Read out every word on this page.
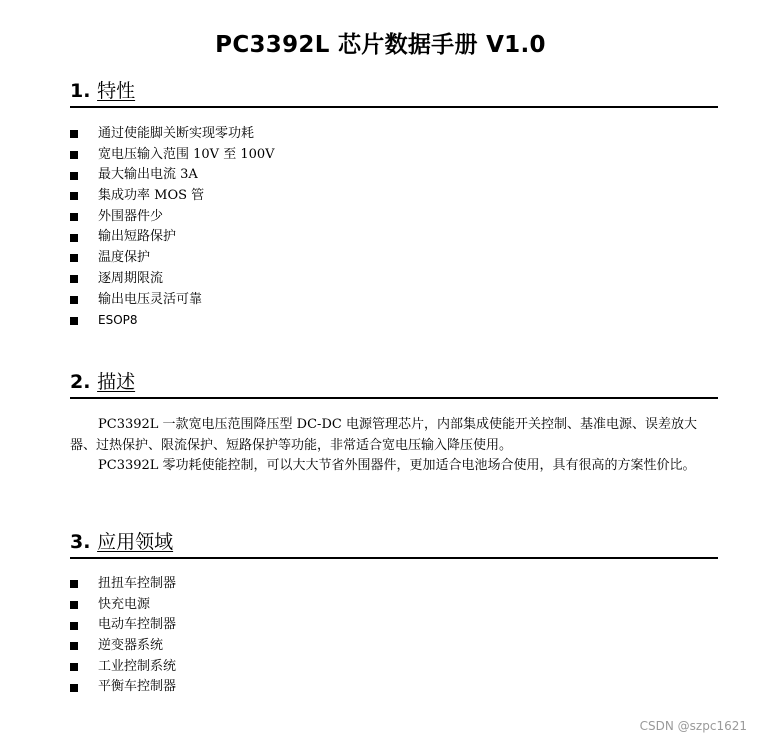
PC3392L 芯片数据手册 V1.0
1. 特性
通过使能脚关断实现零功耗
宽电压输入范围 10V 至 100V
最大输出电流 3A
集成功率 MOS 管
外围器件少
输出短路保护
温度保护
逐周期限流
输出电压灵活可靠
ESOP8
2. 描述

PC3392L 一款宽电压范围降压型 DC-DC 电源管理芯片，内部集成使能开关控制、基准电源、误差放大器、过热保护、限流保护、短路保护等功能，非常适合宽电压输入降压使用。

PC3392L 零功耗使能控制，可以大大节省外围器件，更加适合电池场合使用，具有很高的方案性价比。

3. 应用领域
扭扭车控制器
快充电源
电动车控制器
逆变器系统
工业控制系统
平衡车控制器
CSDN @szpc1621
